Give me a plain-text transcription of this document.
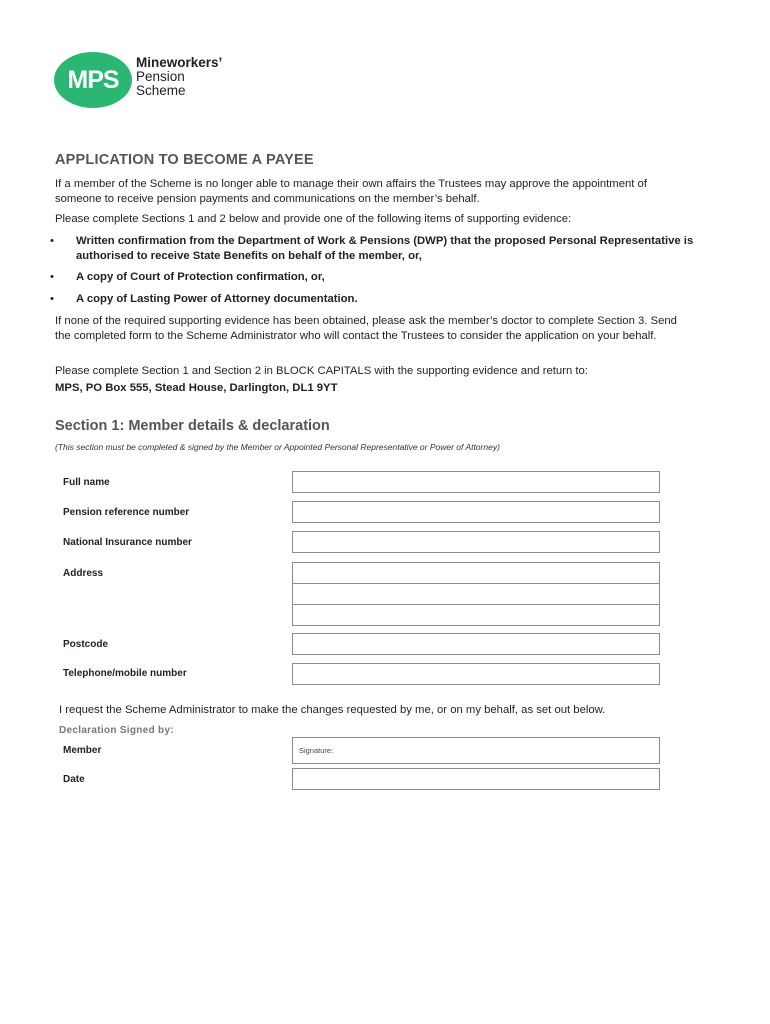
MPS
Mineworkers’
Pension
Scheme
APPLICATION TO BECOME A PAYEE
If a member of the Scheme is no longer able to manage their own affairs the Trustees may approve the appointment of someone to receive pension payments and communications on the member’s behalf.
Please complete Sections 1 and 2 below and provide one of the following items of supporting evidence:
• Written confirmation from the Department of Work & Pensions (DWP) that the proposed Personal Representative is authorised to receive State Benefits on behalf of the member, or,
• A copy of Court of Protection confirmation, or,
• A copy of Lasting Power of Attorney documentation.
If none of the required supporting evidence has been obtained, please ask the member’s doctor to complete Section 3. Send the completed form to the Scheme Administrator who will contact the Trustees to consider the application on your behalf.
Please complete Section 1 and Section 2 in BLOCK CAPITALS with the supporting evidence and return to:
MPS, PO Box 555, Stead House, Darlington, DL1 9YT
Section 1: Member details & declaration
(This section must be completed & signed by the Member or Appointed Personal Representative or Power of Attorney)
Full name
Pension reference number
National Insurance number
Address
Postcode
Telephone/mobile number
I request the Scheme Administrator to make the changes requested by me, or on my behalf, as set out below.
Declaration Signed by:
Member	Signature:
Date
